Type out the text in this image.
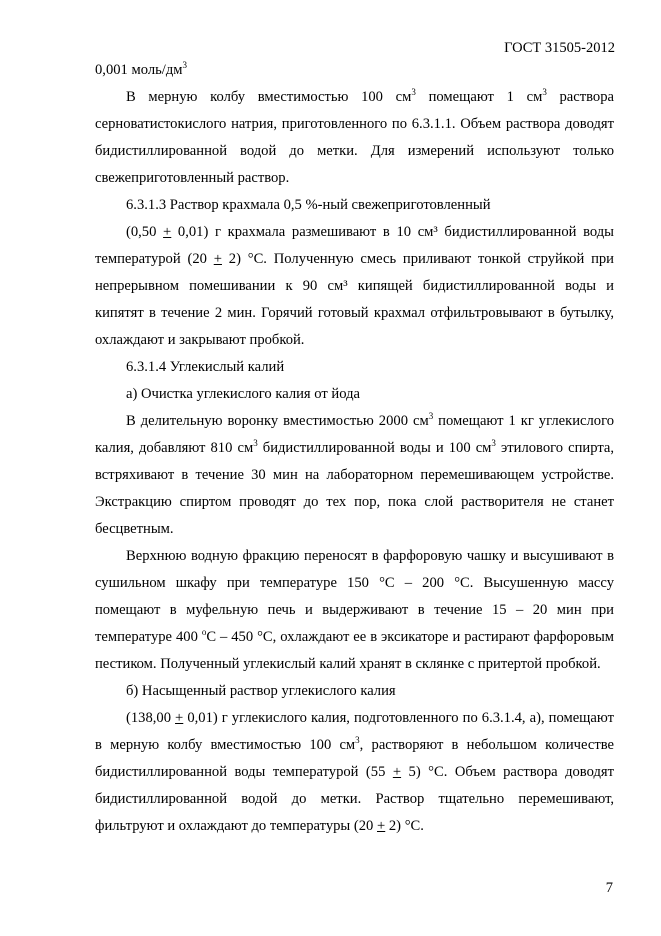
ГОСТ 31505-2012

0,001 моль/$дм^3$

В мерную колбу вместимостью 100 $см^3$ помещают 1 $см^3$ раствора серноватистокислого натрия, приготовленного по 6.3.1.1. Объем раствора доводят бидистиллированной водой до метки. Для измерений используют только свежеприготовленный раствор.

6.3.1.3 Раствор крахмала 0,5 %-ный свежеприготовленный

(0,50 + 0,01) г крахмала размешивают в 10 см³ бидистиллированной воды температурой (20 + 2) °C. Полученную смесь приливают тонкой струйкой при непрерывном помешивании к 90 см³ кипящей бидистиллированной воды и кипятят в течение 2 мин. Горячий готовый крахмал отфильтровывают в бутылку, охлаждают и закрывают пробкой.

6.3.1.4 Углекислый калий

а) Очистка углекислого калия от йода

В делительную воронку вместимостью 2000 $см^3$ помещают 1 кг углекислого калия, добавляют 810 $см^3$ бидистиллированной воды и 100 $см^3$ этилового спирта, встряхивают в течение 30 мин на лабораторном перемешивающем устройстве. Экстракцию спиртом проводят до тех пор, пока слой растворителя не станет бесцветным.

Верхнюю водную фракцию переносят в фарфоровую чашку и высушивают в сушильном шкафу при температуре 150 °C – 200 °C. Высушенную массу помещают в муфельную печь и выдерживают в течение 15 – 20 мин при температуре 400 $^о$C – 450 °C, охлаждают ее в эксикаторе и растирают фарфоровым пестиком. Полученный углекислый калий хранят в склянке с притертой пробкой.

б) Насыщенный раствор углекислого калия

(138,00 + 0,01) г углекислого калия, подготовленного по 6.3.1.4, а), помещают в мерную колбу вместимостью 100 $см^3$, растворяют в небольшом количестве бидистиллированной воды температурой (55 + 5) °C. Объем раствора доводят бидистиллированной водой до метки. Раствор тщательно перемешивают, фильтруют и охлаждают до температуры (20 + 2) °C.

7
